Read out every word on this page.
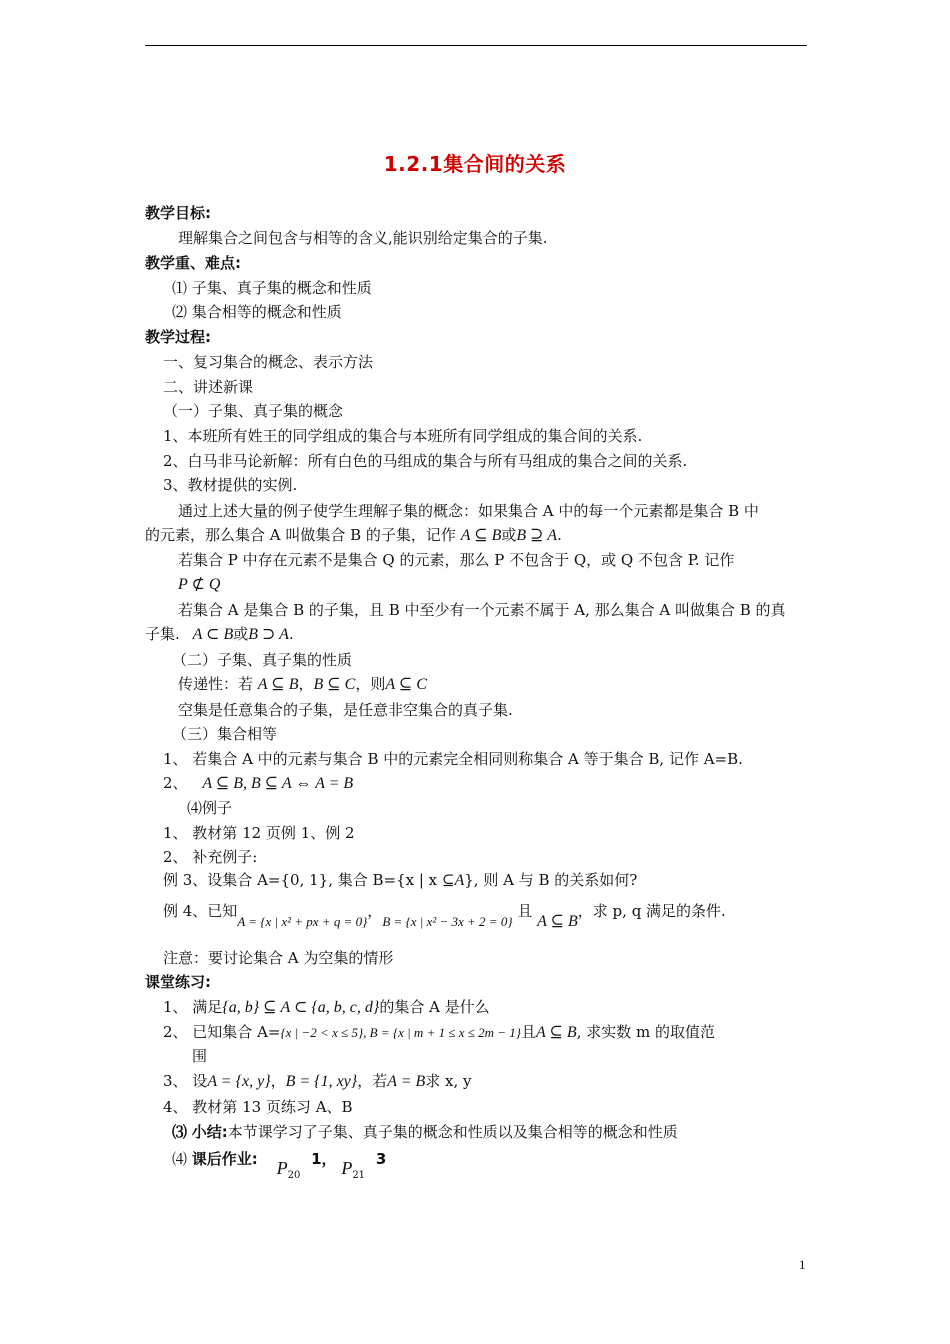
1.2.1集合间的关系
教学目标:
理解集合之间包含与相等的含义,能识别给定集合的子集.
教学重、难点:
⑴ 子集、真子集的概念和性质
⑵ 集合相等的概念和性质
教学过程:
一、复习集合的概念、表示方法
二、讲述新课
（一）子集、真子集的概念
1、本班所有姓王的同学组成的集合与本班所有同学组成的集合间的关系.
2、白马非马论新解：所有白色的马组成的集合与所有马组成的集合之间的关系.
3、教材提供的实例.
通过上述大量的例子使学生理解子集的概念：如果集合 A 中的每一个元素都是集合 B 中
的元素，那么集合 A 叫做集合 B 的子集，记作 A ⊆ B或B ⊇ A.
若集合 P 中存在元素不是集合 Q 的元素，那么 P 不包含于 Q，或 Q 不包含 P. 记作
P ⊄ Q
若集合 A 是集合 B 的子集，且 B 中至少有一个元素不属于 A, 那么集合 A 叫做集合 B 的真
子集. A ⊂ B或B ⊃ A.
（二）子集、真子集的性质
传递性：若 A ⊆ B，B ⊆ C，则A ⊆ C
空集是任意集合的子集，是任意非空集合的真子集.
（三）集合相等
1、 若集合 A 中的元素与集合 B 中的元素完全相同则称集合 A 等于集合 B, 记作 A=B.
2、 A ⊆ B, B ⊆ A ⇔ A = B
⑷例子
1、 教材第 12 页例 1、例 2
2、 补充例子:
例 3、设集合 A={0, 1}, 集合 B={x | x ⊆A}, 则 A 与 B 的关系如何?
例 4、已知A = {x | x² + px + q = 0}，B = {x | x² − 3x + 2 = 0} 且 A ⊆ B，求 p, q 满足的条件.
注意：要讨论集合 A 为空集的情形
课堂练习:
1、 满足{a, b} ⊆ A ⊂ {a, b, c, d}的集合 A 是什么
2、 已知集合 A={x | −2 < x ≤ 5}, B = {x | m + 1 ≤ x ≤ 2m − 1}且A ⊆ B, 求实数 m 的取值范
围
3、 设A = {x, y}，B = {1, xy}，若A = B求 x, y
4、 教材第 13 页练习 A、B
⑶ 小结:本节课学习了子集、真子集的概念和性质以及集合相等的概念和性质
⑷ 课后作业: $P_{20}$ 1， $P_{21}$ 3
1
